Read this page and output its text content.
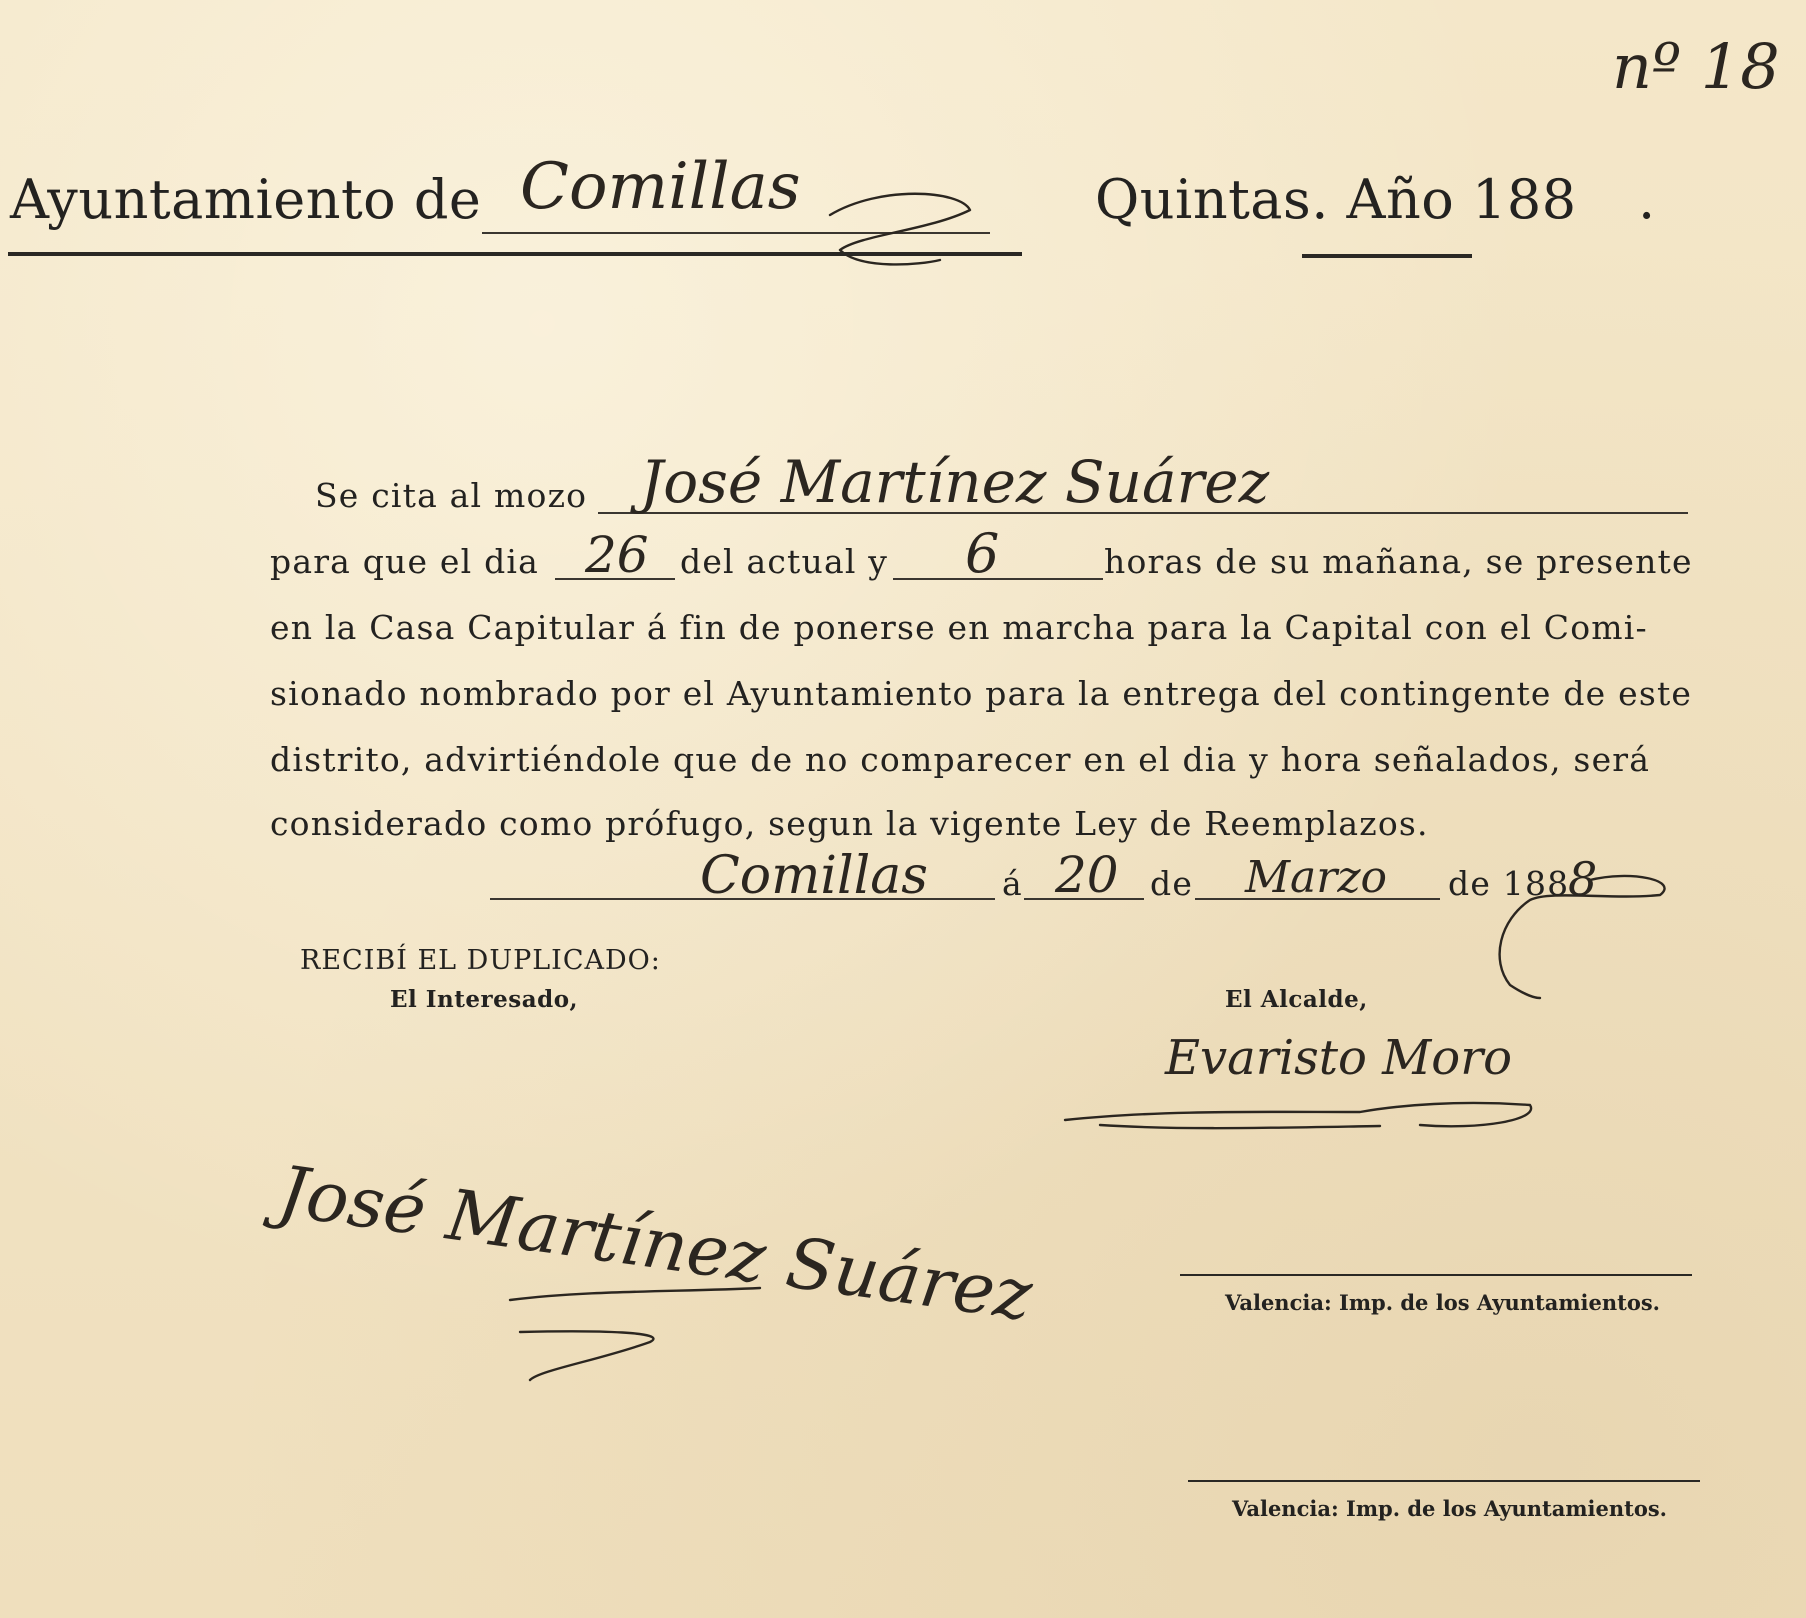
nº 18
Ayuntamiento de Comillas	Quintas. Año 188 .
Se cita al mozo José Martínez Suárez
para que el dia 26 del actual y 6	horas de su mañana, se presente
en la Casa Capitular á fin de ponerse en marcha para la Capital con el Comi-
sionado nombrado por el Ayuntamiento para la entrega del contingente de este
distrito, advirtiéndole que de no comparecer en el dia y hora señalados, será
considerado como prófugo, segun la vigente Ley de Reemplazos.
Comillas á 20 de Marzo de 188
8
RECIBÍ EL DUPLICADO:
El Interesado,
José Martínez Suárez
El Alcalde,
Evaristo Moro
Valencia: Imp. de los Ayuntamientos.
Valencia: Imp. de los Ayuntamientos.
